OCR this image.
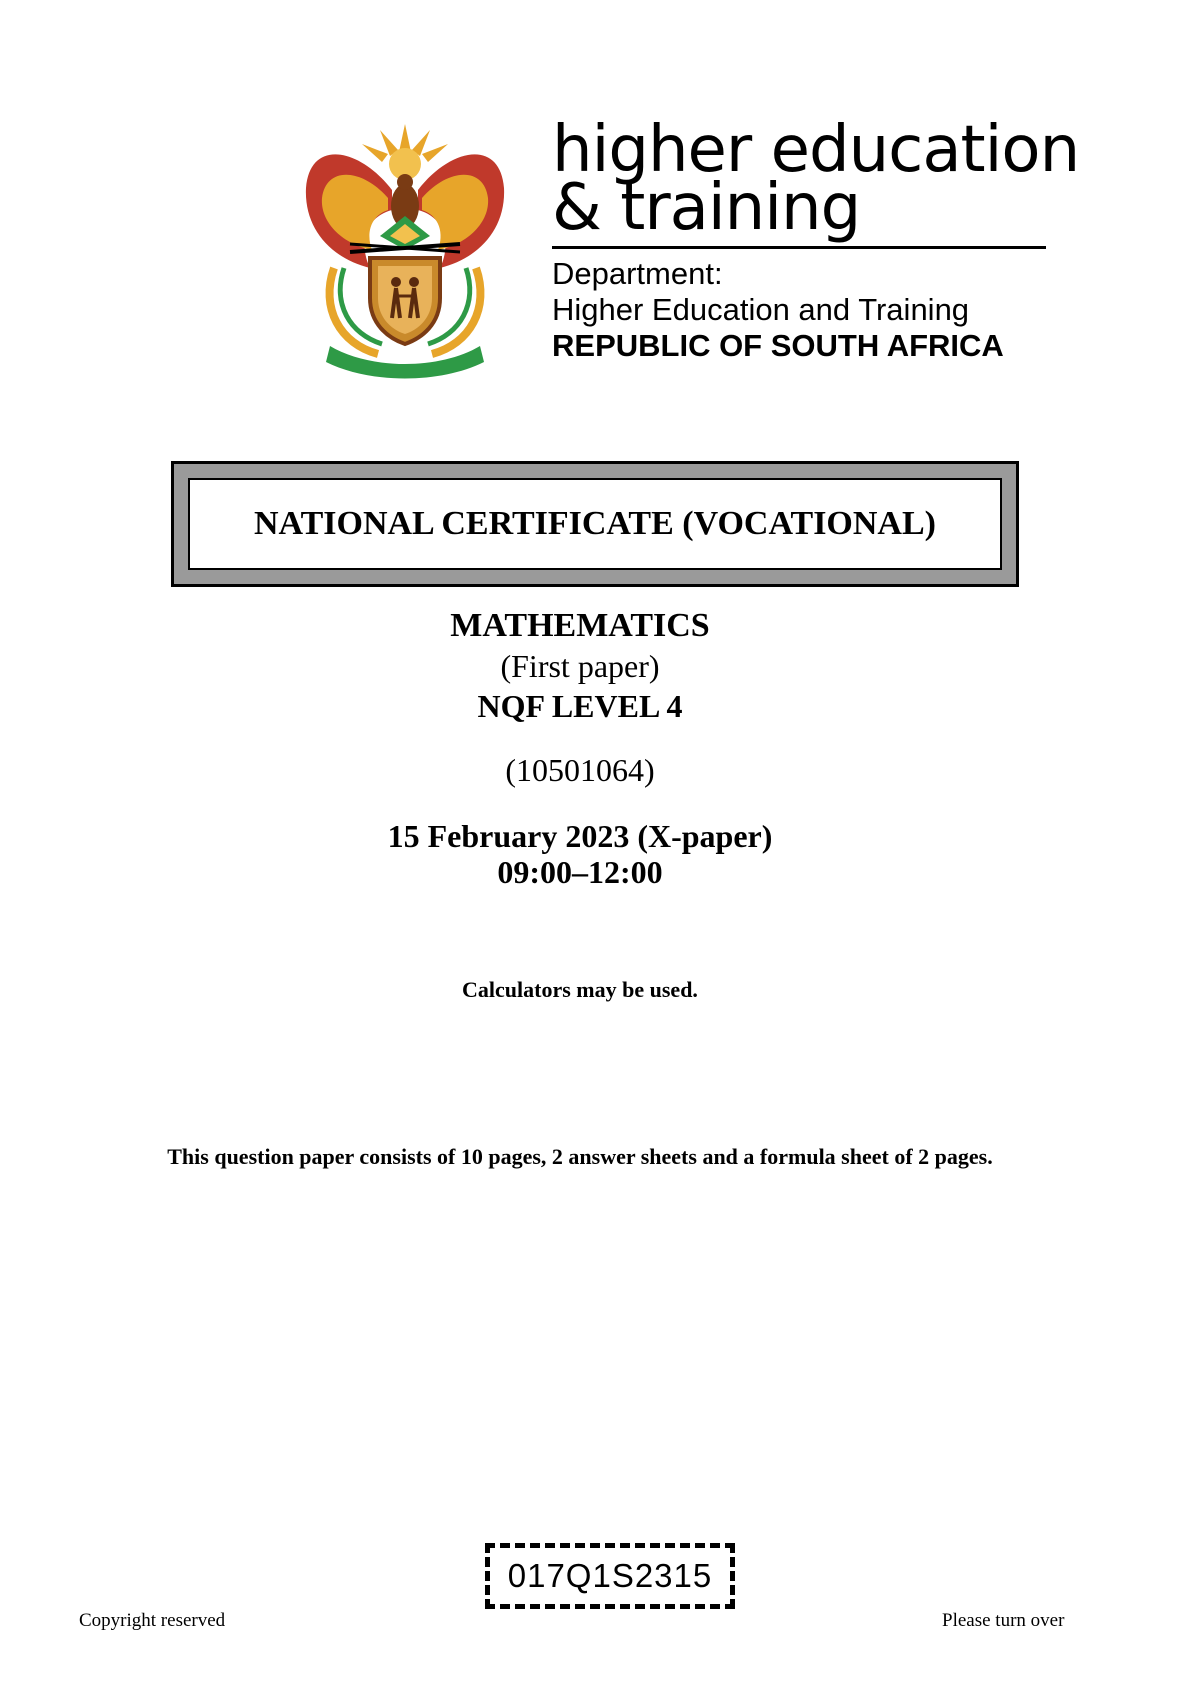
higher education
& training
Department:
Higher Education and Training
REPUBLIC OF SOUTH AFRICA
NATIONAL CERTIFICATE (VOCATIONAL)
MATHEMATICS
(First paper)
NQF LEVEL 4
(10501064)
15 February 2023 (X-paper)
09:00–12:00
Calculators may be used.
This question paper consists of 10 pages, 2 answer sheets and a formula sheet of 2 pages.
017Q1S2315
Copyright reserved	Please turn over
